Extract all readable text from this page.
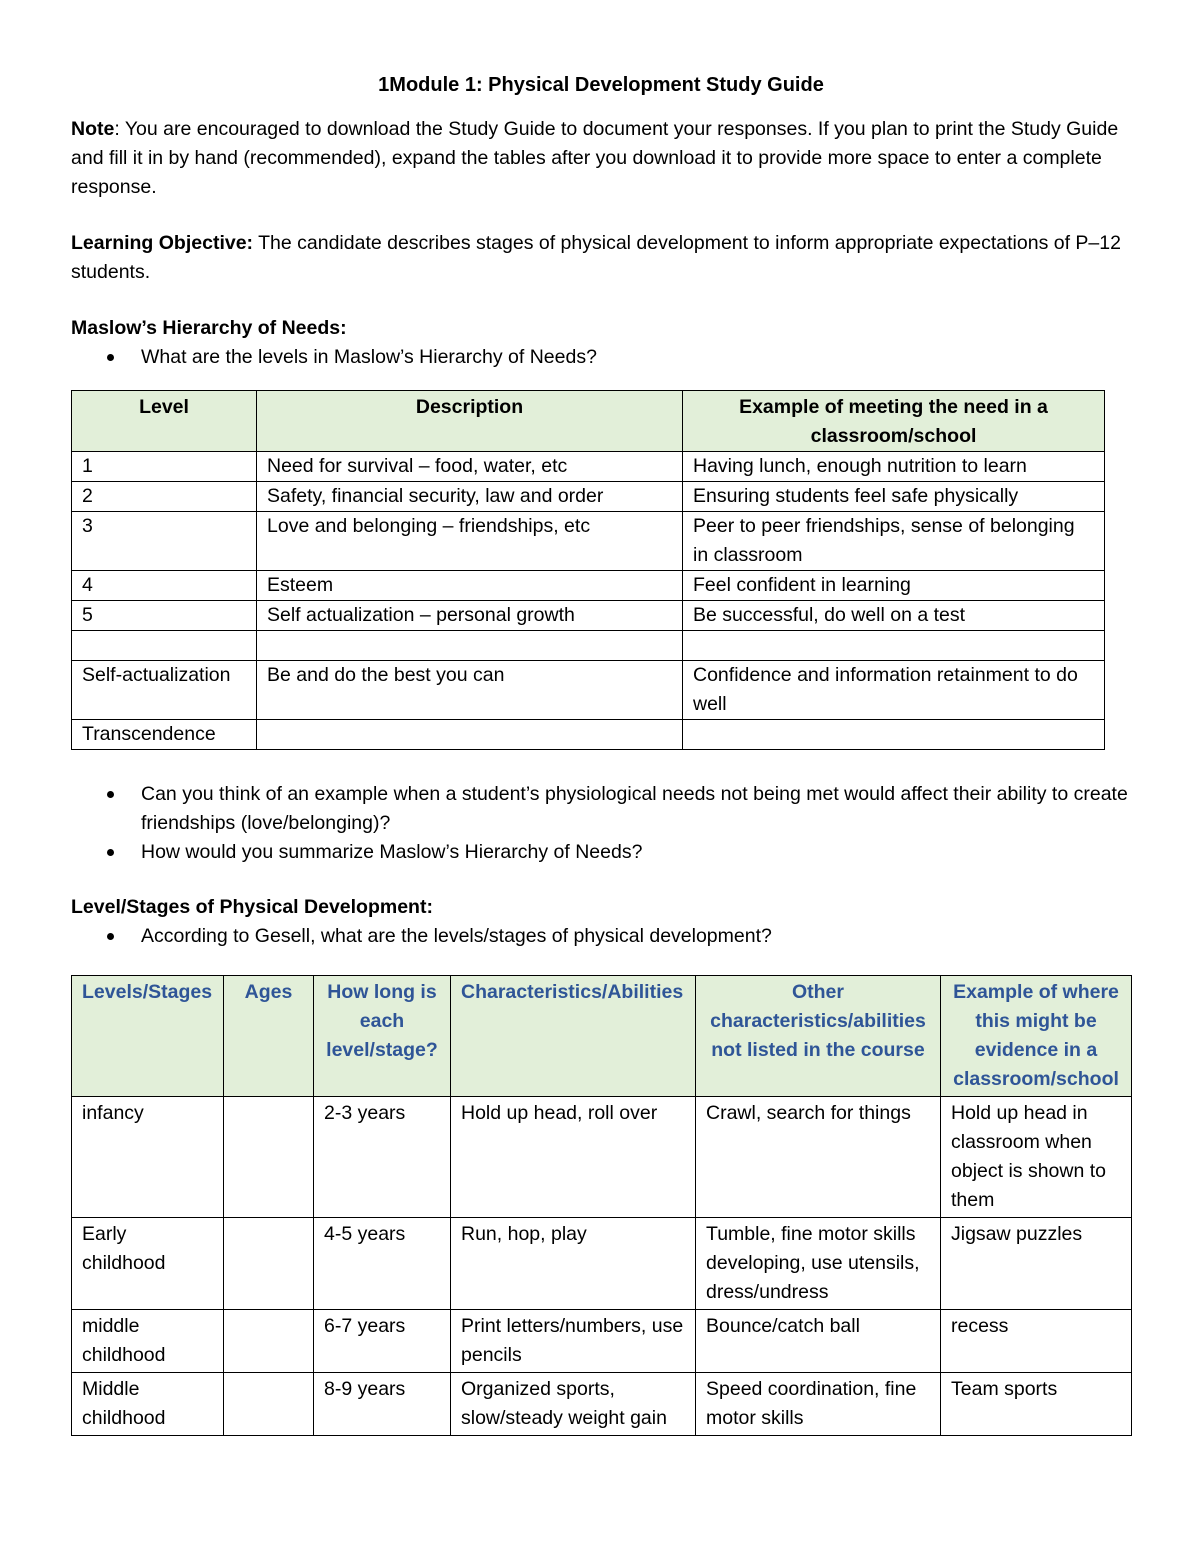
1Module 1: Physical Development Study Guide

Note: You are encouraged to download the Study Guide to document your responses. If you plan to print the Study Guide and fill it in by hand (recommended), expand the tables after you download it to provide more space to enter a complete response.

Learning Objective: The candidate describes stages of physical development to inform appropriate expectations of P–12 students.

Maslow’s Hierarchy of Needs:

What are the levels in Maslow’s Hierarchy of Needs?
Level	Description	Example of meeting the need in a classroom/school
1	Need for survival – food, water, etc	Having lunch, enough nutrition to learn
2	Safety, financial security, law and order	Ensuring students feel safe physically
3	Love and belonging – friendships, etc	Peer to peer friendships, sense of belonging in classroom
4	Esteem	Feel confident in learning
5	Self actualization – personal growth	Be successful, do well on a test

Self-actualization	Be and do the best you can	Confidence and information retainment to do well
Transcendence		
Can you think of an example when a student’s physiological needs not being met would affect their ability to create friendships (love/belonging)?
How would you summarize Maslow’s Hierarchy of Needs?

Level/Stages of Physical Development:

According to Gesell, what are the levels/stages of physical development?
Levels/Stages	Ages	How long is each level/stage?	Characteristics/Abilities	Other characteristics/abilities not listed in the course	Example of where this might be evidence in a classroom/school
infancy		2-3 years	Hold up head, roll over	Crawl, search for things	Hold up head in classroom when object is shown to them
Early childhood		4-5 years	Run, hop, play	Tumble, fine motor skills developing, use utensils, dress/undress	Jigsaw puzzles
middle childhood		6-7 years	Print letters/numbers, use pencils	Bounce/catch ball	recess
Middle childhood		8-9 years	Organized sports, slow/steady weight gain	Speed coordination, fine motor skills	Team sports
